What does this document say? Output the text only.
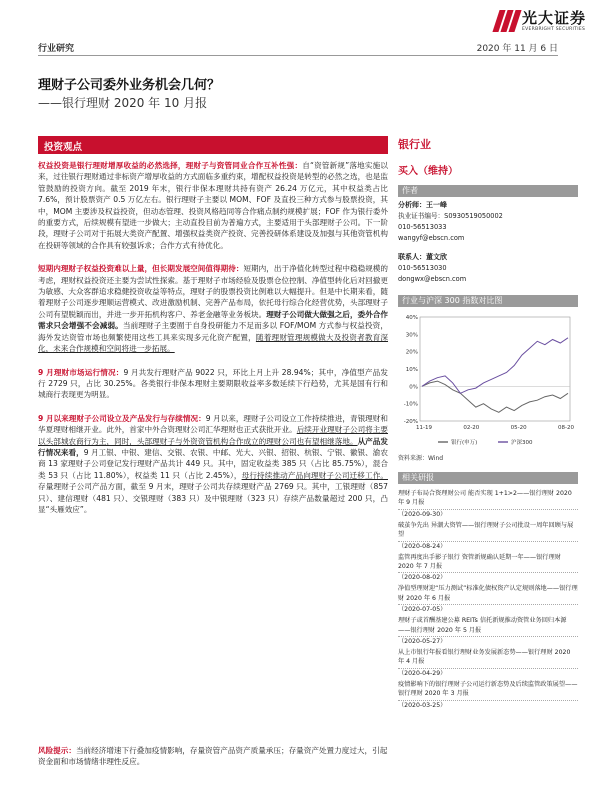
光大证券
EVERBRIGHT SECURITIES
行业研究	2020 年 11 月 6 日
理财子公司委外业务机会几何？
——银行理财 2020 年 10 月报
投资观点
权益投资是银行理财增厚收益的必然选择，理财子与资管同业合作互补性强：自“资管新规”落地实施以来，过往银行理财通过非标资产增厚收益的方式面临多重约束，增配权益投资是转型的必然之选，也是监管鼓励的投资方向。截至 2019 年末，银行非保本理财共持有资产 26.24 万亿元，其中权益类占比 7.6%，预计股票资产 0.5 万亿左右。银行理财子主要以 MOM、FOF 及直投三种方式参与股票投资，其中，MOM 主要涉及权益投资，但动态管理、投资风格趋同等合作痛点制约规模扩展；FOF 作为银行委外的重要方式，后续规模有望进一步做大；主动直投目前为普遍方式，主要适用于头部理财子公司。下一阶段，理财子公司对于拓展大类资产配置、增强权益类资产投资、完善投研体系建设及加强与其他资管机构在投研等领域的合作具有较强诉求；合作方式有待优化。
短期内理财子权益投资难以上量，但长期发展空间值得期待：短期内，出于净值化转型过程中稳稳规模的考虑，理财权益投资还主要为尝试性探索。基于理财子市场经验及股票仓位控制、净值型转化后对回撤更为敏感、大众客群追求稳健投资收益等特点，理财子的股票投资比例难以大幅提升。但是中长期来看，随着理财子公司逐步理顺运营模式、改进激励机制、完善产品布局，依托母行综合化经营优势，头部理财子公司有望脱颖而出，并进一步开拓机构客户、养老金融等业务板块。理财子公司做大做强之后，委外合作需求只会增强不会减弱。当前理财子主要囿于自身投研能力不足而多以 FOF/MOM 方式参与权益投资，海外发达资管市场也频繁使用这些工具来实现多元化资产配置，随着理财管理规模做大及投资者教育深化，未来合作规模和空间将进一步拓展。
9 月理财市场运行情况：9 月共发行理财产品 9022 只，环比上月上升 28.94%；其中，净值型产品发行 2729 只，占比 30.25%。各类银行非保本理财主要期限收益率多数延续下行趋势，尤其是国有行和城商行表现更为明显。
9 月以来理财子公司设立及产品发行与存续情况：9 月以来，理财子公司设立工作持续推进，青银理财和华夏理财相继开业。此外，首家中外合资理财公司汇华理财也正式获批开业。后续开业理财子公司将主要以头部城农商行为主，同时，头部理财子与外资资管机构合作成立的理财公司也有望相继落地。从产品发行情况来看，9 月工银、中银、建信、交银、农银、中邮、光大、兴银、招银、杭银、宁银、徽银、渝农商 13 家理财子公司登记发行理财产品共计 449 只。其中，固定收益类 385 只（占比 85.75%），混合类 53 只（占比 11.80%），权益类 11 只（占比 2.45%），母行持续推动产品向理财子公司迁移工作。存量理财子公司产品方面，截至 9 月末，理财子公司共存续理财产品 2769 只。其中，工银理财（857 只）、建信理财（481 只）、交银理财（383 只）及中银理财（323 只）存续产品数量超过 200 只，凸显“头雁效应”。
风险提示：当前经济增速下行叠加疫情影响，存量资管产品资产质量承压；存量资产处置力度过大，引起资金面和市场情绪非理性反应。
银行业
买入（维持）
作者
分析师：王一峰
执业证书编号：S0930519050002
010-56513033
wangyf@ebscn.com
联系人：董文欣
010-56513030
dongwx@ebscn.com
行业与沪深 300 指数对比图
40%
30%
20%
10%
0%
-10%
-20%
11-19	02-20	05-20	08-20
银行(申万)	沪深300
资料来源：Wind
相关研报
理财子布局合资理财公司 能否实现 1+1>2——银行理财 2020 年 9 月报
（2020-09-30）
破茧争先出 异潮大资管——银行理财子公司批设一周年回顾与展望
（2020-08-24）
监管再度出手影子银行 资管新规确认延期一年——银行理财 2020 年 7 月报
（2020-08-02）
净值型理财迎“压力测试”标准化债权资产认定规则落地——银行理财 2020 年 6 月报
（2020-07-05）
理财子或首酬基建公募 REITs 信托新规推动资管业务回归本源——银行理财 2020 年 5 月报
（2020-05-27）
从上市银行年报看银行理财业务发展新态势——银行理财 2020 年 4 月报
（2020-04-29）
疫情影响下的银行理财子公司运行新态势及后续监管政策展望——银行理财 2020 年 3 月报
（2020-03-25）
